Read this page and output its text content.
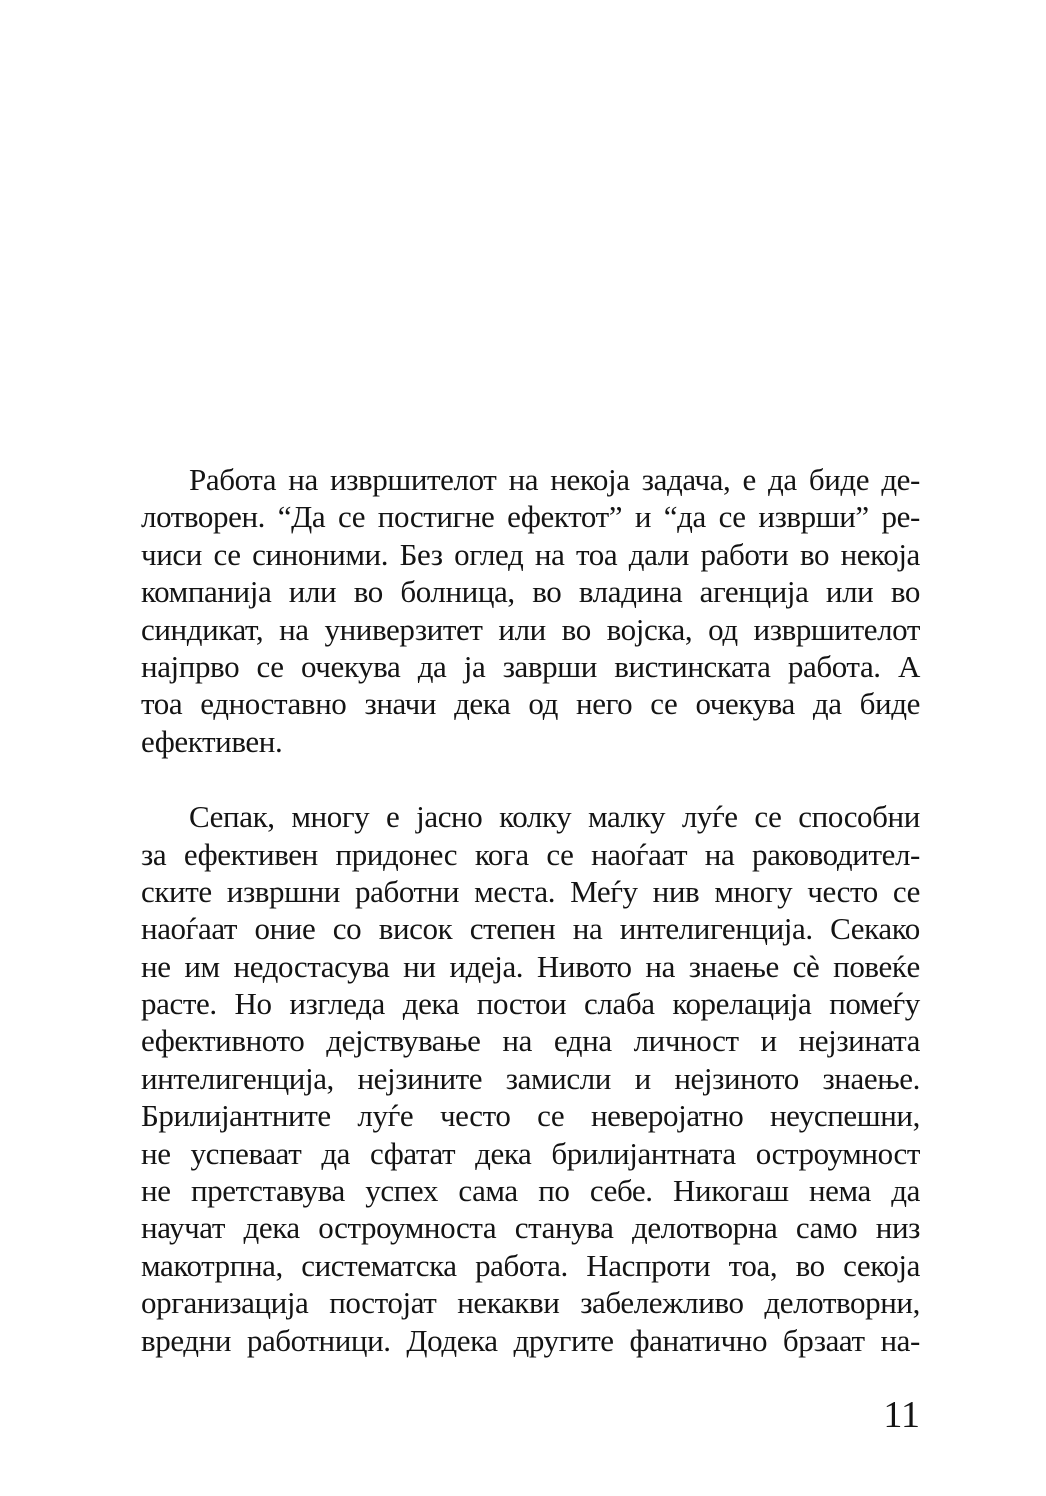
Работа на извршителот на некоја задача, е да биде де-
лотворен. “Да се постигне ефектот” и “да се изврши” ре-
чиси се синоними. Без оглед на тоа дали работи во некоја
компанија или во болница, во владина агенција или во
синдикат, на универзитет или во војска, од извршителот
најпрво се очекува да ја заврши вистинската работа. А
тоа едноставно значи дека од него се очекува да биде
ефективен.
Сепак, многу е јасно колку малку луѓе се способни
за ефективен придонес кога се наоѓаат на раководител-
ските извршни работни места. Меѓу нив многу често се
наоѓаат оние со висок степен на интелигенција. Секако
не им недостасува ни идеја. Нивото на знаење сè повеќе
расте. Но изгледа дека постои слаба корелација помеѓу
ефективното дејствување на една личност и нејзината
интелигенција, нејзините замисли и нејзиното знаење.
Брилијантните луѓе често се неверојатно неуспешни,
не успеваат да сфатат дека брилијантната остроумност
не претставува успех сама по себе. Никогаш нема да
научат дека остроумноста станува делотворна само низ
макотрпна, систематска работа. Наспроти тоа, во секоја
организација постојат некакви забележливо делотворни,
вредни работници. Додека другите фанатично брзаат на-
11
